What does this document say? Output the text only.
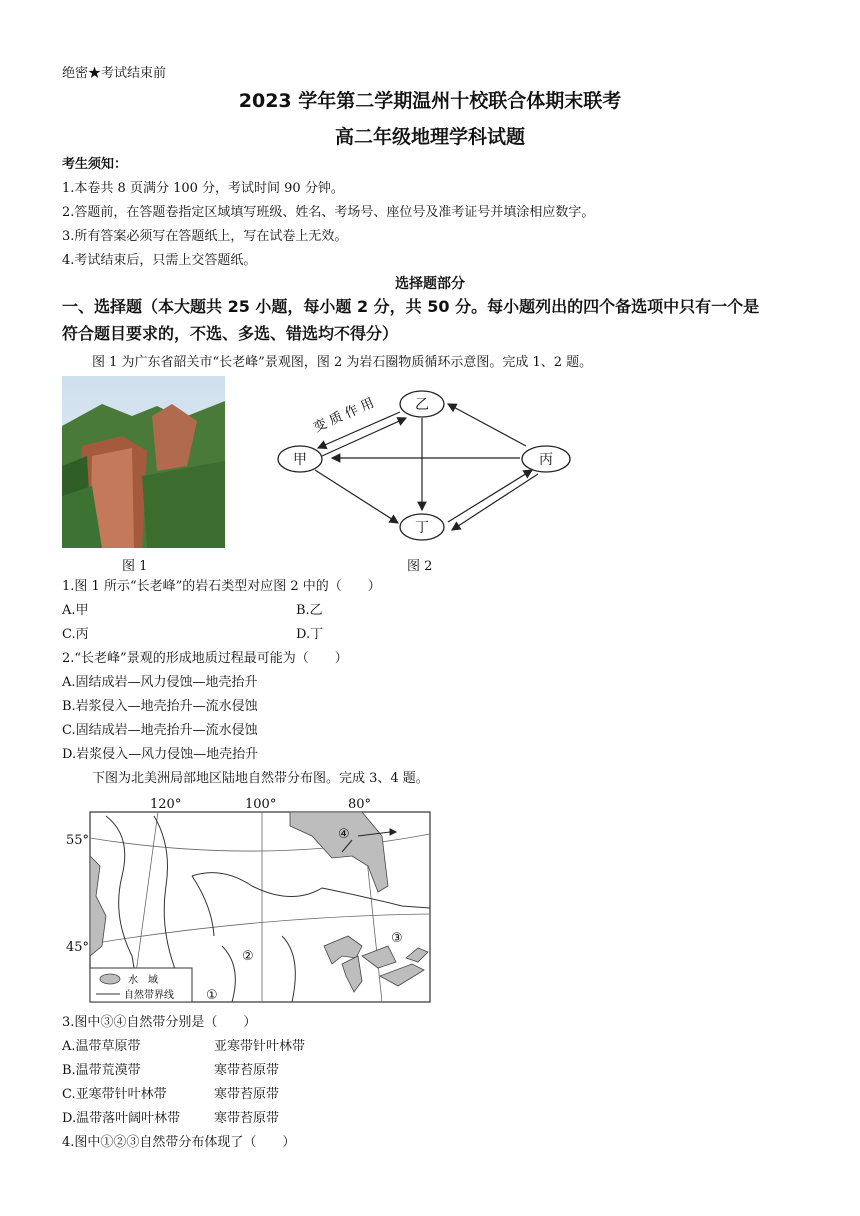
绝密★考试结束前
2023 学年第二学期温州十校联合体期末联考
高二年级地理学科试题
考生须知：
1.本卷共 8 页满分 100 分，考试时间 90 分钟。
2.答题前，在答题卷指定区域填写班级、姓名、考场号、座位号及准考证号并填涂相应数字。
3.所有答案必须写在答题纸上，写在试卷上无效。
4.考试结束后，只需上交答题纸。
选择题部分
一、选择题（本大题共 25 小题，每小题 2 分，共 50 分。每小题列出的四个备选项中只有一个是
符合题目要求的，不选、多选、错选均不得分）
图 1 为广东省韶关市“长老峰”景观图，图 2 为岩石圈物质循环示意图。完成 1、2 题。
图 1
乙
甲	丙
丁
变 质 作 用
图 2
1.图 1 所示“长老峰”的岩石类型对应图 2 中的（　　）
A.甲	B.乙
C.丙	D.丁
2.“长老峰”景观的形成地质过程最可能为（　　）
A.固结成岩—风力侵蚀—地壳抬升
B.岩浆侵入—地壳抬升—流水侵蚀
C.固结成岩—地壳抬升—流水侵蚀
D.岩浆侵入—风力侵蚀—地壳抬升
下图为北美洲局部地区陆地自然带分布图。完成 3、4 题。
120°	100°	80°
55°
45°
④
③
②
①
水　域
自然带界线
3.图中③④自然带分别是（　　）
A.温带草原带	亚寒带针叶林带
B.温带荒漠带	寒带苔原带
C.亚寒带针叶林带	寒带苔原带
D.温带落叶阔叶林带	寒带苔原带
4.图中①②③自然带分布体现了（　　）
